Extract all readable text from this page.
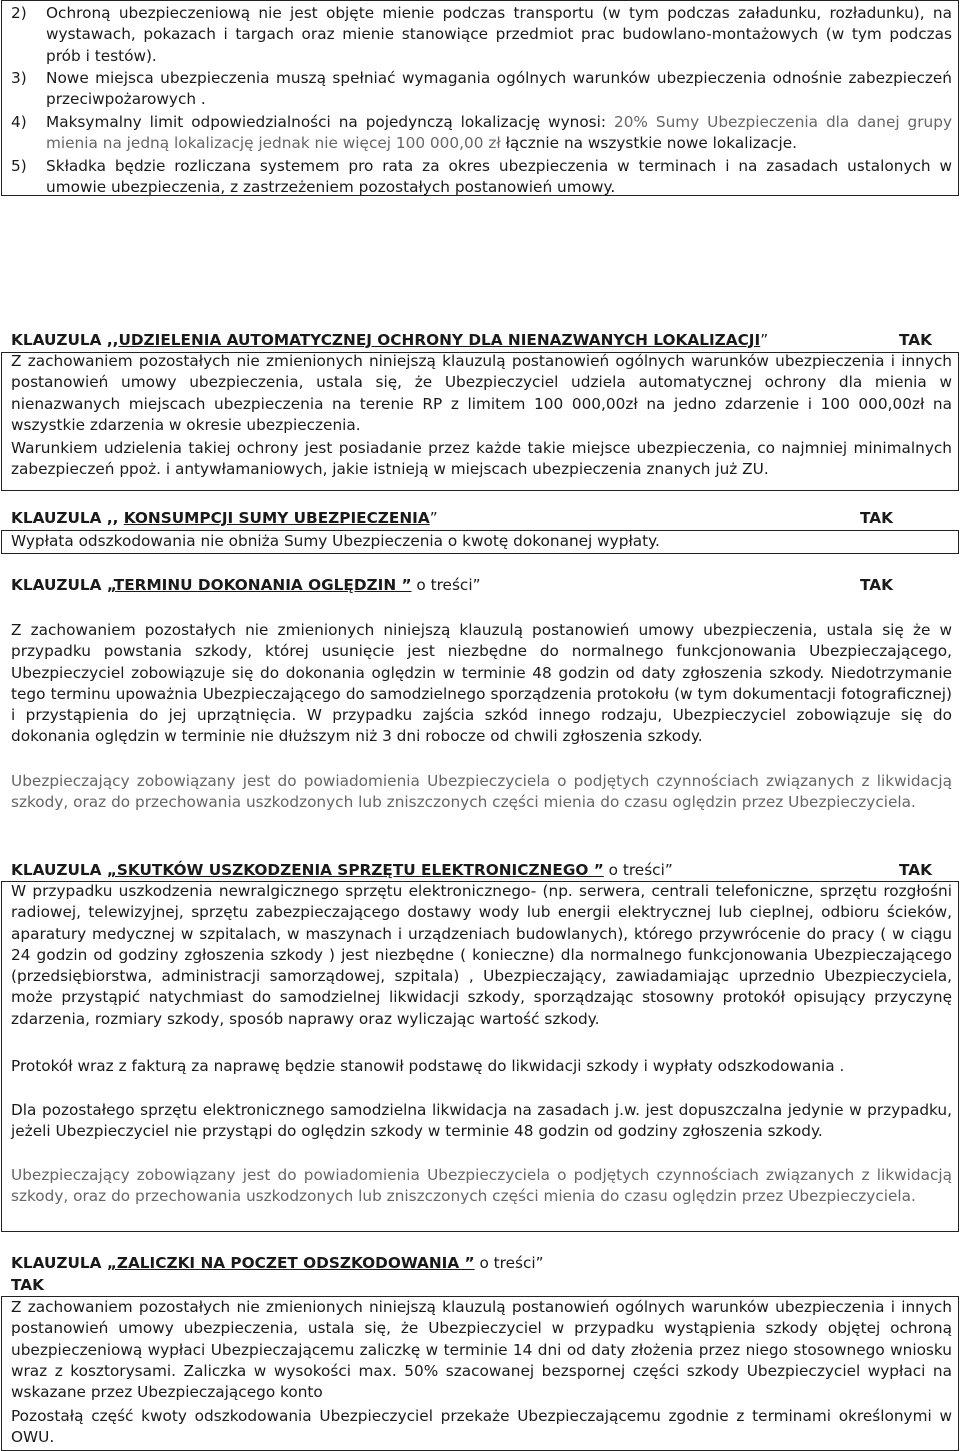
2) Ochroną ubezpieczeniową nie jest objęte mienie podczas transportu (w tym podczas załadunku, rozładunku), na wystawach, pokazach i targach oraz mienie stanowiące przedmiot prac budowlano-montażowych (w tym podczas prób i testów).

3) Nowe miejsca ubezpieczenia muszą spełniać wymagania ogólnych warunków ubezpieczenia odnośnie zabezpieczeń przeciwpożarowych .

4) Maksymalny limit odpowiedzialności na pojedynczą lokalizację wynosi: 20% Sumy Ubezpieczenia dla danej grupy mienia na jedną lokalizację jednak nie więcej 100 000,00 zł łącznie na wszystkie nowe lokalizacje.

5) Składka będzie rozliczana systemem pro rata za okres ubezpieczenia w terminach i na zasadach ustalonych w umowie ubezpieczenia, z zastrzeżeniem pozostałych postanowień umowy.

KLAUZULA ,,UDZIELENIA AUTOMATYCZNEJ OCHRONY DLA NIENAZWANYCH LOKALIZACJI”	TAK

Z zachowaniem pozostałych nie zmienionych niniejszą klauzulą postanowień ogólnych warunków ubezpieczenia i innych postanowień umowy ubezpieczenia, ustala się, że Ubezpieczyciel udziela automatycznej ochrony dla mienia w nienazwanych miejscach ubezpieczenia na terenie RP z limitem 100 000,00zł na jedno zdarzenie i 100 000,00zł na wszystkie zdarzenia w okresie ubezpieczenia.

Warunkiem udzielenia takiej ochrony jest posiadanie przez każde takie miejsce ubezpieczenia, co najmniej minimalnych zabezpieczeń ppoż. i antywłamaniowych, jakie istnieją w miejscach ubezpieczenia znanych już ZU.

KLAUZULA ,, KONSUMPCJI SUMY UBEZPIECZENIA”	TAK

Wypłata odszkodowania nie obniża Sumy Ubezpieczenia o kwotę dokonanej wypłaty.

KLAUZULA „TERMINU DOKONANIA OGLĘDZIN ” o treści”	TAK

Z zachowaniem pozostałych nie zmienionych niniejszą klauzulą postanowień umowy ubezpieczenia, ustala się że w przypadku powstania szkody, której usunięcie jest niezbędne do normalnego funkcjonowania Ubezpieczającego, Ubezpieczyciel zobowiązuje się do dokonania oględzin w terminie 48 godzin od daty zgłoszenia szkody. Niedotrzymanie tego terminu upoważnia Ubezpieczającego do samodzielnego sporządzenia protokołu (w tym dokumentacji fotograficznej) i przystąpienia do jej uprzątnięcia. W przypadku zajścia szkód innego rodzaju, Ubezpieczyciel zobowiązuje się do dokonania oględzin w terminie nie dłuższym niż 3 dni robocze od chwili zgłoszenia szkody.

Ubezpieczający zobowiązany jest do powiadomienia Ubezpieczyciela o podjętych czynnościach związanych z likwidacją szkody, oraz do przechowania uszkodzonych lub zniszczonych części mienia do czasu oględzin przez Ubezpieczyciela.

KLAUZULA „SKUTKÓW USZKODZENIA SPRZĘTU ELEKTRONICZNEGO ” o treści”	TAK

W przypadku uszkodzenia newralgicznego sprzętu elektronicznego- (np. serwera, centrali telefoniczne, sprzętu rozgłośni radiowej, telewizyjnej, sprzętu zabezpieczającego dostawy wody lub energii elektrycznej lub cieplnej, odbioru ścieków, aparatury medycznej w szpitalach, w maszynach i urządzeniach budowlanych), którego przywrócenie do pracy ( w ciągu 24 godzin od godziny zgłoszenia szkody ) jest niezbędne ( konieczne) dla normalnego funkcjonowania Ubezpieczającego (przedsiębiorstwa, administracji samorządowej, szpitala) , Ubezpieczający, zawiadamiając uprzednio Ubezpieczyciela, może przystąpić natychmiast do samodzielnej likwidacji szkody, sporządzając stosowny protokół opisujący przyczynę zdarzenia, rozmiary szkody, sposób naprawy oraz wyliczając wartość szkody.

Protokół wraz z fakturą za naprawę będzie stanowił podstawę do likwidacji szkody i wypłaty odszkodowania .

Dla pozostałego sprzętu elektronicznego samodzielna likwidacja na zasadach j.w. jest dopuszczalna jedynie w przypadku, jeżeli Ubezpieczyciel nie przystąpi do oględzin szkody w terminie 48 godzin od godziny zgłoszenia szkody.

Ubezpieczający zobowiązany jest do powiadomienia Ubezpieczyciela o podjętych czynnościach związanych z likwidacją szkody, oraz do przechowania uszkodzonych lub zniszczonych części mienia do czasu oględzin przez Ubezpieczyciela.

KLAUZULA „ZALICZKI NA POCZET ODSZKODOWANIA ” o treści”

TAK

Z zachowaniem pozostałych nie zmienionych niniejszą klauzulą postanowień ogólnych warunków ubezpieczenia i innych postanowień umowy ubezpieczenia, ustala się, że Ubezpieczyciel w przypadku wystąpienia szkody objętej ochroną ubezpieczeniową wypłaci Ubezpieczającemu zaliczkę w terminie 14 dni od daty złożenia przez niego stosownego wniosku wraz z kosztorysami. Zaliczka w wysokości max. 50% szacowanej bezspornej części szkody Ubezpieczyciel wypłaci na wskazane przez Ubezpieczającego konto

Pozostałą część kwoty odszkodowania Ubezpieczyciel przekaże Ubezpieczającemu zgodnie z terminami określonymi w OWU.
